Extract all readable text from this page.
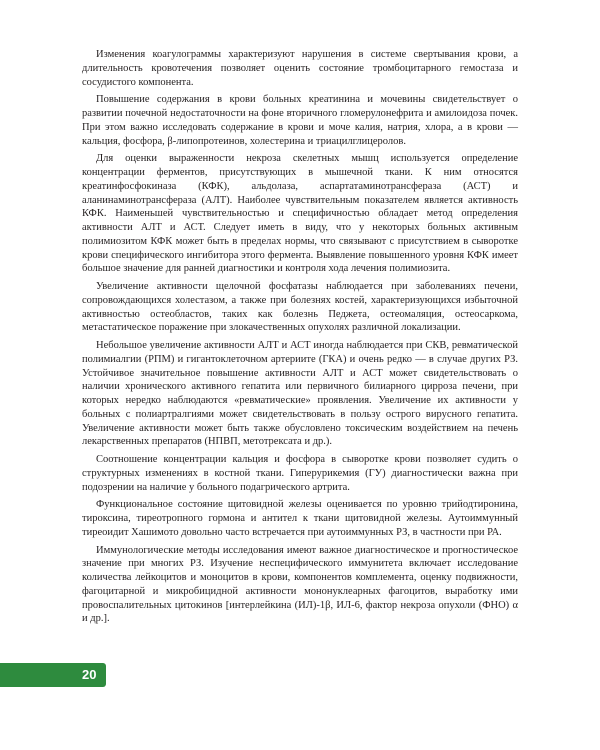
Изменения коагулограммы характеризуют нарушения в системе свертывания крови, а длительность кровотечения позволяет оценить состояние тромбоцитарного гемостаза и сосудистого компонента.

Повышение содержания в крови больных креатинина и мочевины свидетельствует о развитии почечной недостаточности на фоне вторичного гломерулонефрита и амилоидоза почек. При этом важно исследовать содержание в крови и моче калия, натрия, хлора, а в крови — кальция, фосфора, β-липопротеинов, холестерина и триацилглицеролов.

Для оценки выраженности некроза скелетных мышц используется определение концентрации ферментов, присутствующих в мышечной ткани. К ним относятся креатинфосфокиназа (КФК), альдолаза, аспартатаминотрансфераза (АСТ) и аланинаминотрансфераза (АЛТ). Наиболее чувствительным показателем является активность КФК. Наименьшей чувствительностью и специфичностью обладает метод определения активности АЛТ и АСТ. Следует иметь в виду, что у некоторых больных активным полимиозитом КФК может быть в пределах нормы, что связывают с присутствием в сыворотке крови специфического ингибитора этого фермента. Выявление повышенного уровня КФК имеет большое значение для ранней диагностики и контроля хода лечения полимиозита.

Увеличение активности щелочной фосфатазы наблюдается при заболеваниях печени, сопровождающихся холестазом, а также при болезнях костей, характеризующихся избыточной активностью остеобластов, таких как болезнь Педжета, остеомаляция, остеосаркома, метастатическое поражение при злокачественных опухолях различной локализации.

Небольшое увеличение активности АЛТ и АСТ иногда наблюдается при СКВ, ревматической полимиалгии (РПМ) и гигантоклеточном артериите (ГКА) и очень редко — в случае других РЗ. Устойчивое значительное повышение активности АЛТ и АСТ может свидетельствовать о наличии хронического активного гепатита или первичного билиарного цирроза печени, при которых нередко наблюдаются «ревматические» проявления. Увеличение их активности у больных с полиартралгиями может свидетельствовать в пользу острого вирусного гепатита. Увеличение активности может быть также обусловлено токсическим воздействием на печень лекарственных препаратов (НПВП, метотрексата и др.).

Соотношение концентрации кальция и фосфора в сыворотке крови позволяет судить о структурных изменениях в костной ткани. Гиперурикемия (ГУ) диагностически важна при подозрении на наличие у больного подагрического артрита.

Функциональное состояние щитовидной железы оценивается по уровню трийодтиронина, тироксина, тиреотропного гормона и антител к ткани щитовидной железы. Аутоиммунный тиреоидит Хашимото довольно часто встречается при аутоиммунных РЗ, в частности при РА.

Иммунологические методы исследования имеют важное диагностическое и прогностическое значение при многих РЗ. Изучение неспецифического иммунитета включает исследование количества лейкоцитов и моноцитов в крови, компонентов комплемента, оценку подвижности, фагоцитарной и микробицидной активности мононуклеарных фагоцитов, выработку ими провоспалительных цитокинов [интерлейкина (ИЛ)-1β, ИЛ-6, фактор некроза опухоли (ФНО) α и др.].

20
